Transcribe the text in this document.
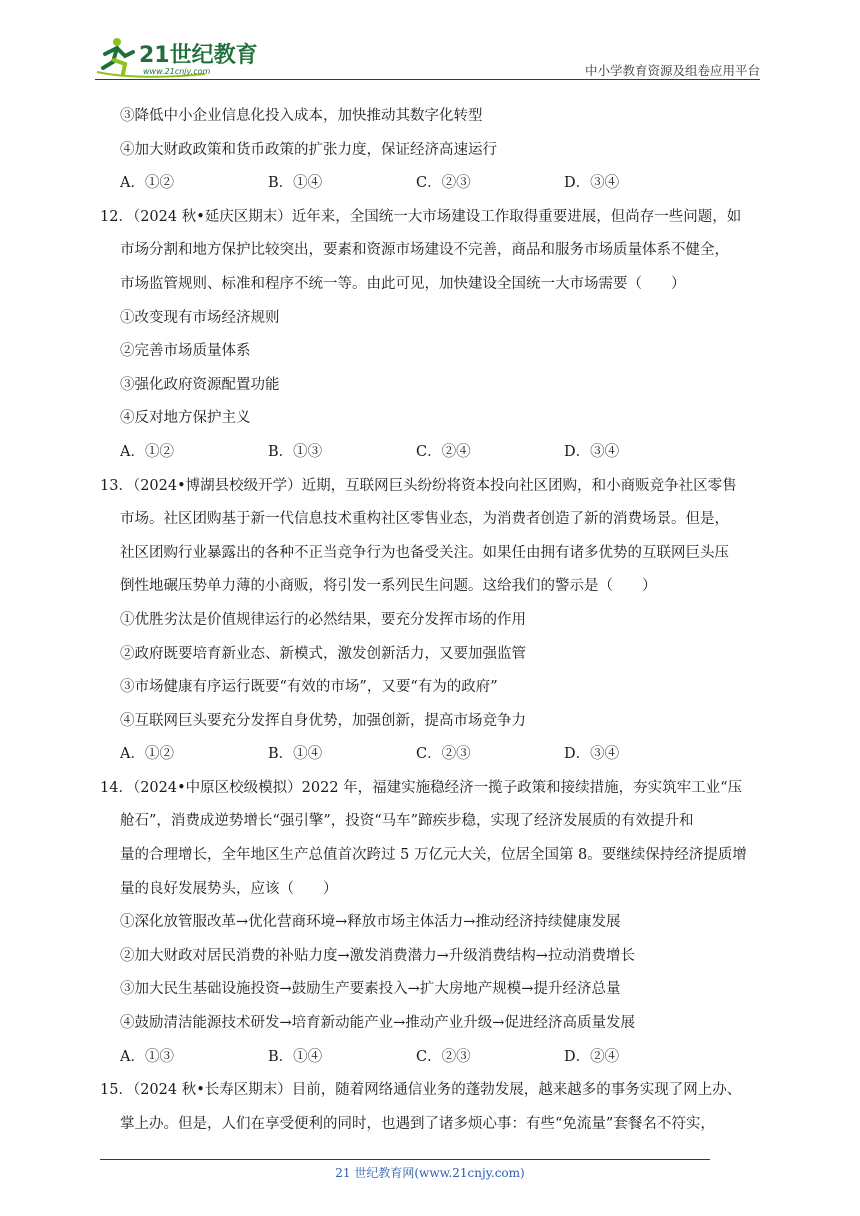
21世纪教育
www.21cnjy.com	中小学教育资源及组卷应用平台
③降低中小企业信息化投入成本，加快推动其数字化转型
④加大财政政策和货币政策的扩张力度，保证经济高速运行
A．①②	B．①④	C．②③	D．③④
12．（2024 秋•延庆区期末）近年来，全国统一大市场建设工作取得重要进展，但尚存一些问题，如
市场分割和地方保护比较突出，要素和资源市场建设不完善，商品和服务市场质量体系不健全，
市场监管规则、标准和程序不统一等。由此可见，加快建设全国统一大市场需要（　　）
①改变现有市场经济规则
②完善市场质量体系
③强化政府资源配置功能
④反对地方保护主义
A．①②	B．①③	C．②④	D．③④
13．（2024•博湖县校级开学）近期，互联网巨头纷纷将资本投向社区团购，和小商贩竞争社区零售
市场。社区团购基于新一代信息技术重构社区零售业态，为消费者创造了新的消费场景。但是，
社区团购行业暴露出的各种不正当竞争行为也备受关注。如果任由拥有诸多优势的互联网巨头压
倒性地碾压势单力薄的小商贩，将引发一系列民生问题。这给我们的警示是（　　）
①优胜劣汰是价值规律运行的必然结果，要充分发挥市场的作用
②政府既要培育新业态、新模式，激发创新活力，又要加强监管
③市场健康有序运行既要“有效的市场”，又要“有为的政府”
④互联网巨头要充分发挥自身优势，加强创新，提高市场竞争力
A．①②	B．①④	C．②③	D．③④
14．（2024•中原区校级模拟）2022 年，福建实施稳经济一揽子政策和接续措施，夯实筑牢工业“压
舱石”，消费成逆势增长“强引擎”，投资“马车”蹄疾步稳，实现了经济发展质的有效提升和
量的合理增长，全年地区生产总值首次跨过 5 万亿元大关，位居全国第 8。要继续保持经济提质增
量的良好发展势头，应该（　　）
①深化放管服改革→优化营商环境→释放市场主体活力→推动经济持续健康发展
②加大财政对居民消费的补贴力度→激发消费潜力→升级消费结构→拉动消费增长
③加大民生基础设施投资→鼓励生产要素投入→扩大房地产规模→提升经济总量
④鼓励清洁能源技术研发→培育新动能产业→推动产业升级→促进经济高质量发展
A．①③	B．①④	C．②③	D．②④
15．（2024 秋•长寿区期末）目前，随着网络通信业务的蓬勃发展，越来越多的事务实现了网上办、
掌上办。但是，人们在享受便利的同时，也遇到了诸多烦心事：有些“免流量”套餐名不符实，
21 世纪教育网(www.21cnjy.com)
